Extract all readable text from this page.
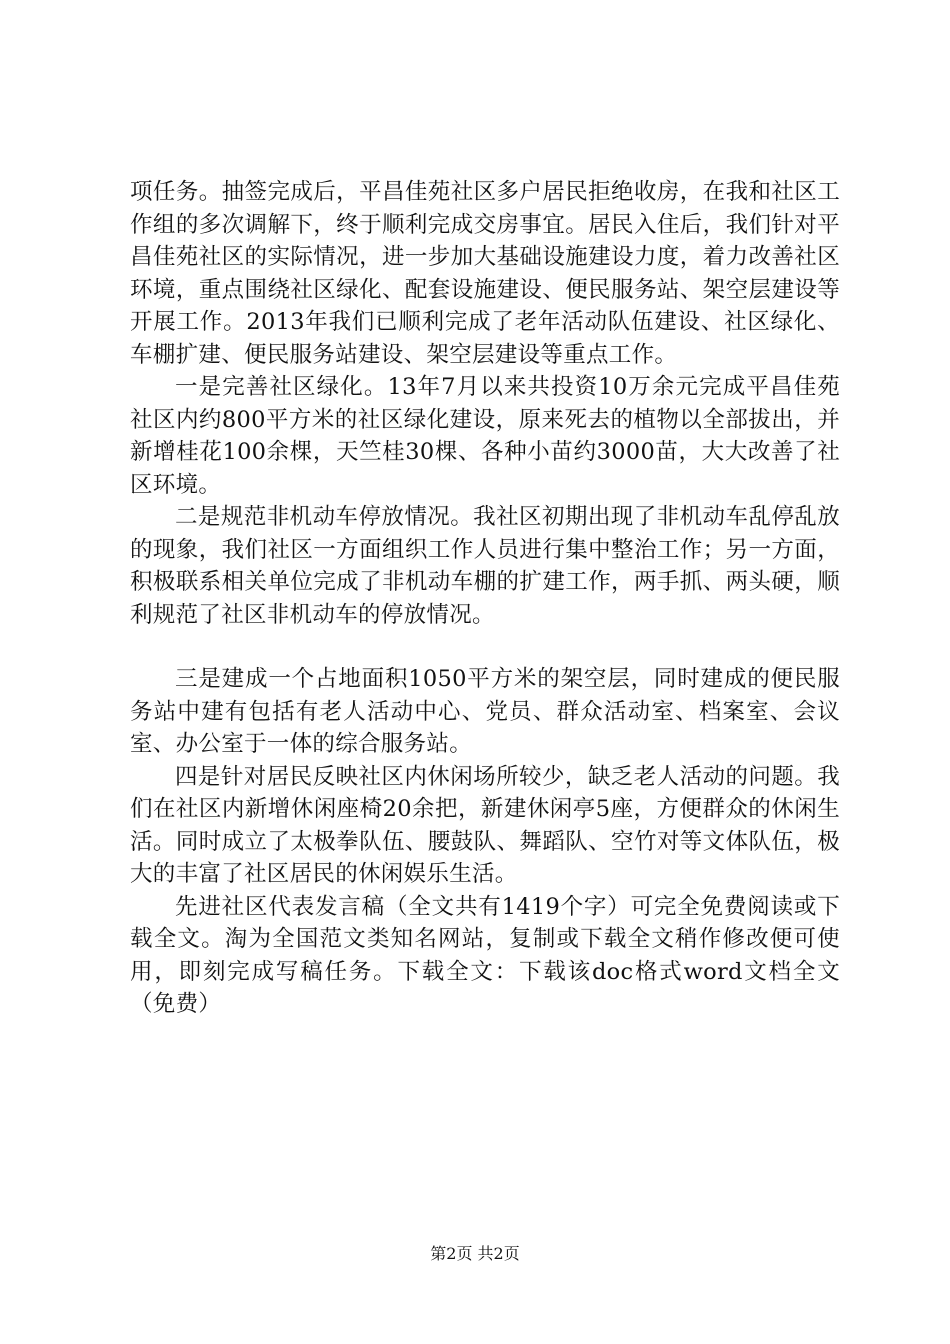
项任务。抽签完成后，平昌佳苑社区多户居民拒绝收房，在我和社区工作组的多次调解下，终于顺利完成交房事宜。居民入住后，我们针对平昌佳苑社区的实际情况，进一步加大基础设施建设力度，着力改善社区环境，重点围绕社区绿化、配套设施建设、便民服务站、架空层建设等开展工作。2013年我们已顺利完成了老年活动队伍建设、社区绿化、车棚扩建、便民服务站建设、架空层建设等重点工作。

一是完善社区绿化。13年7月以来共投资10万余元完成平昌佳苑社区内约800平方米的社区绿化建设，原来死去的植物以全部拔出，并新增桂花100余棵，天竺桂30棵、各种小苗约3000苗，大大改善了社区环境。

二是规范非机动车停放情况。我社区初期出现了非机动车乱停乱放的现象，我们社区一方面组织工作人员进行集中整治工作；另一方面，积极联系相关单位完成了非机动车棚的扩建工作，两手抓、两头硬，顺利规范了社区非机动车的停放情况。

三是建成一个占地面积1050平方米的架空层，同时建成的便民服务站中建有包括有老人活动中心、党员、群众活动室、档案室、会议室、办公室于一体的综合服务站。

四是针对居民反映社区内休闲场所较少，缺乏老人活动的问题。我们在社区内新增休闲座椅20余把，新建休闲亭5座，方便群众的休闲生活。同时成立了太极拳队伍、腰鼓队、舞蹈队、空竹对等文体队伍，极大的丰富了社区居民的休闲娱乐生活。

先进社区代表发言稿（全文共有1419个字）可完全免费阅读或下载全文。淘为全国范文类知名网站，复制或下载全文稍作修改便可使用，即刻完成写稿任务。下载全文：下载该doc格式word文档全文（免费）

第2页 共2页
